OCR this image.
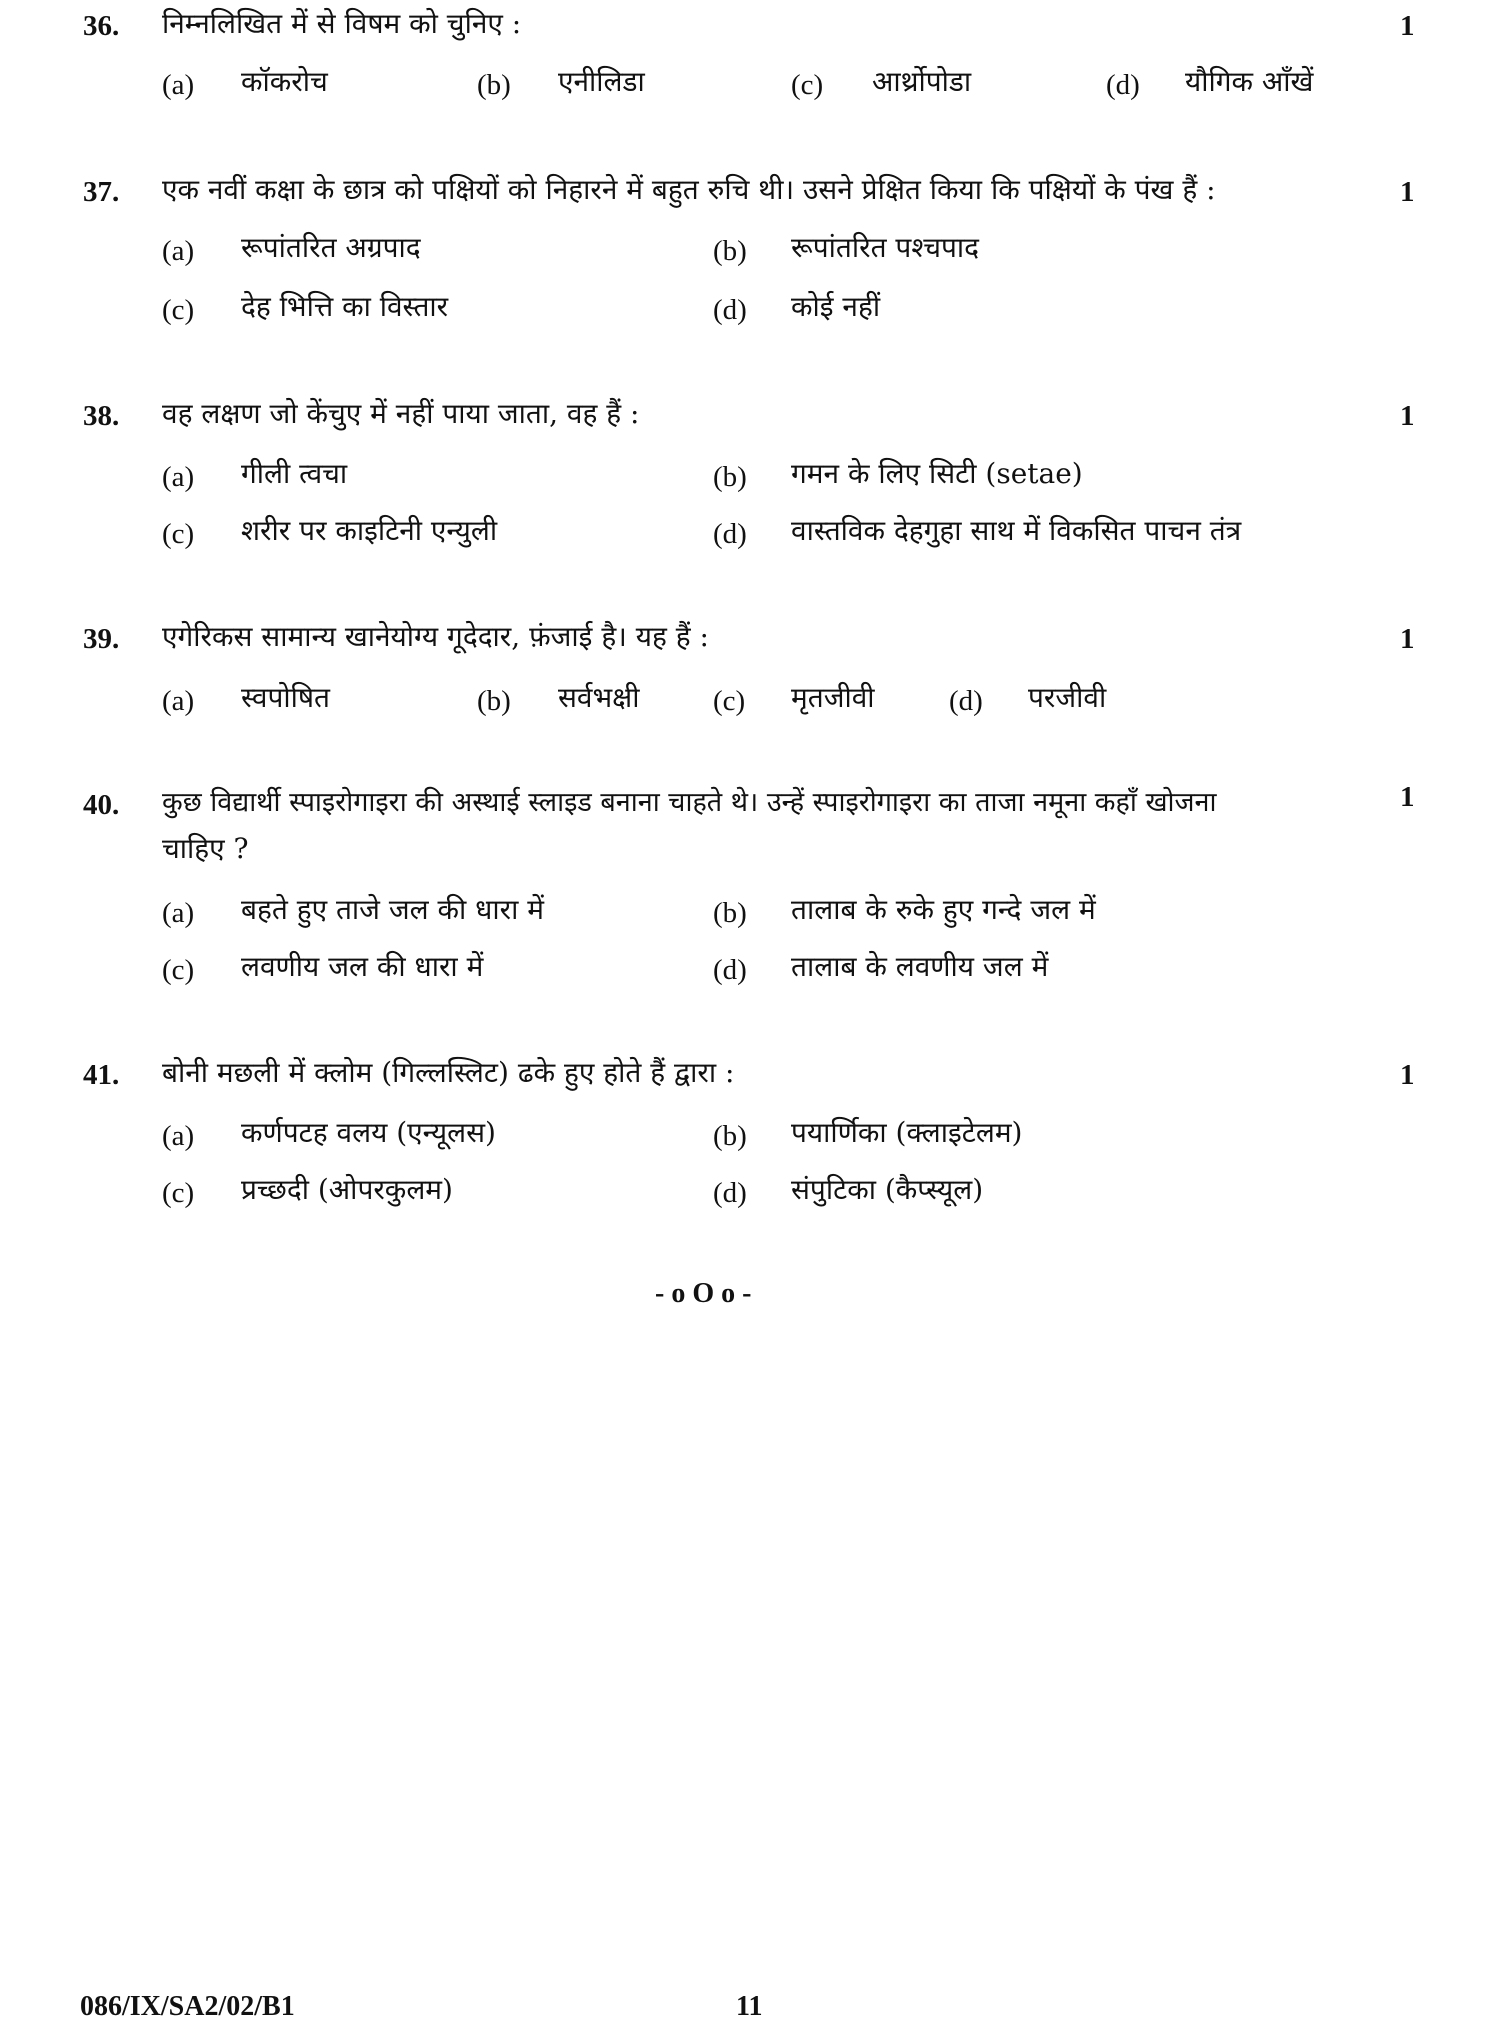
36. निम्नलिखित में से विषम को चुनिए :	1
(a) कॉकरोच	(b) एनीलिडा	(c) आर्थ्रोपोडा	(d) यौगिक आँखें
37. एक नवीं कक्षा के छात्र को पक्षियों को निहारने में बहुत रुचि थी। उसने प्रेक्षित किया कि पक्षियों के पंख हैं :	1
(a) रूपांतरित अग्रपाद	(b) रूपांतरित पश्चपाद
(c) देह भित्ति का विस्तार	(d) कोई नहीं
38. वह लक्षण जो केंचुए में नहीं पाया जाता, वह हैं :	1
(a) गीली त्वचा	(b) गमन के लिए सिटी (setae)
(c) शरीर पर काइटिनी एन्युली	(d) वास्तविक देहगुहा साथ में विकसित पाचन तंत्र
39. एगेरिकस सामान्य खानेयोग्य गूदेदार, फ़ंजाई है। यह हैं :	1
(a) स्वपोषित	(b) सर्वभक्षी	(c) मृतजीवी	(d) परजीवी
40. कुछ विद्यार्थी स्पाइरोगाइरा की अस्थाई स्लाइड बनाना चाहते थे। उन्हें स्पाइरोगाइरा का ताजा नमूना कहाँ खोजना	1
चाहिए ?
(a) बहते हुए ताजे जल की धारा में	(b) तालाब के रुके हुए गन्दे जल में
(c) लवणीय जल की धारा में	(d) तालाब के लवणीय जल में
41. बोनी मछली में क्लोम (गिल्लस्लिट) ढके हुए होते हैं द्वारा :	1
(a) कर्णपटह वलय (एन्यूलस)	(b) पयार्णिका (क्लाइटेलम)
(c) प्रच्छदी (ओपरकुलम)	(d) संपुटिका (कैप्स्यूल)
- o O o -
086/IX/SA2/02/B1	11
